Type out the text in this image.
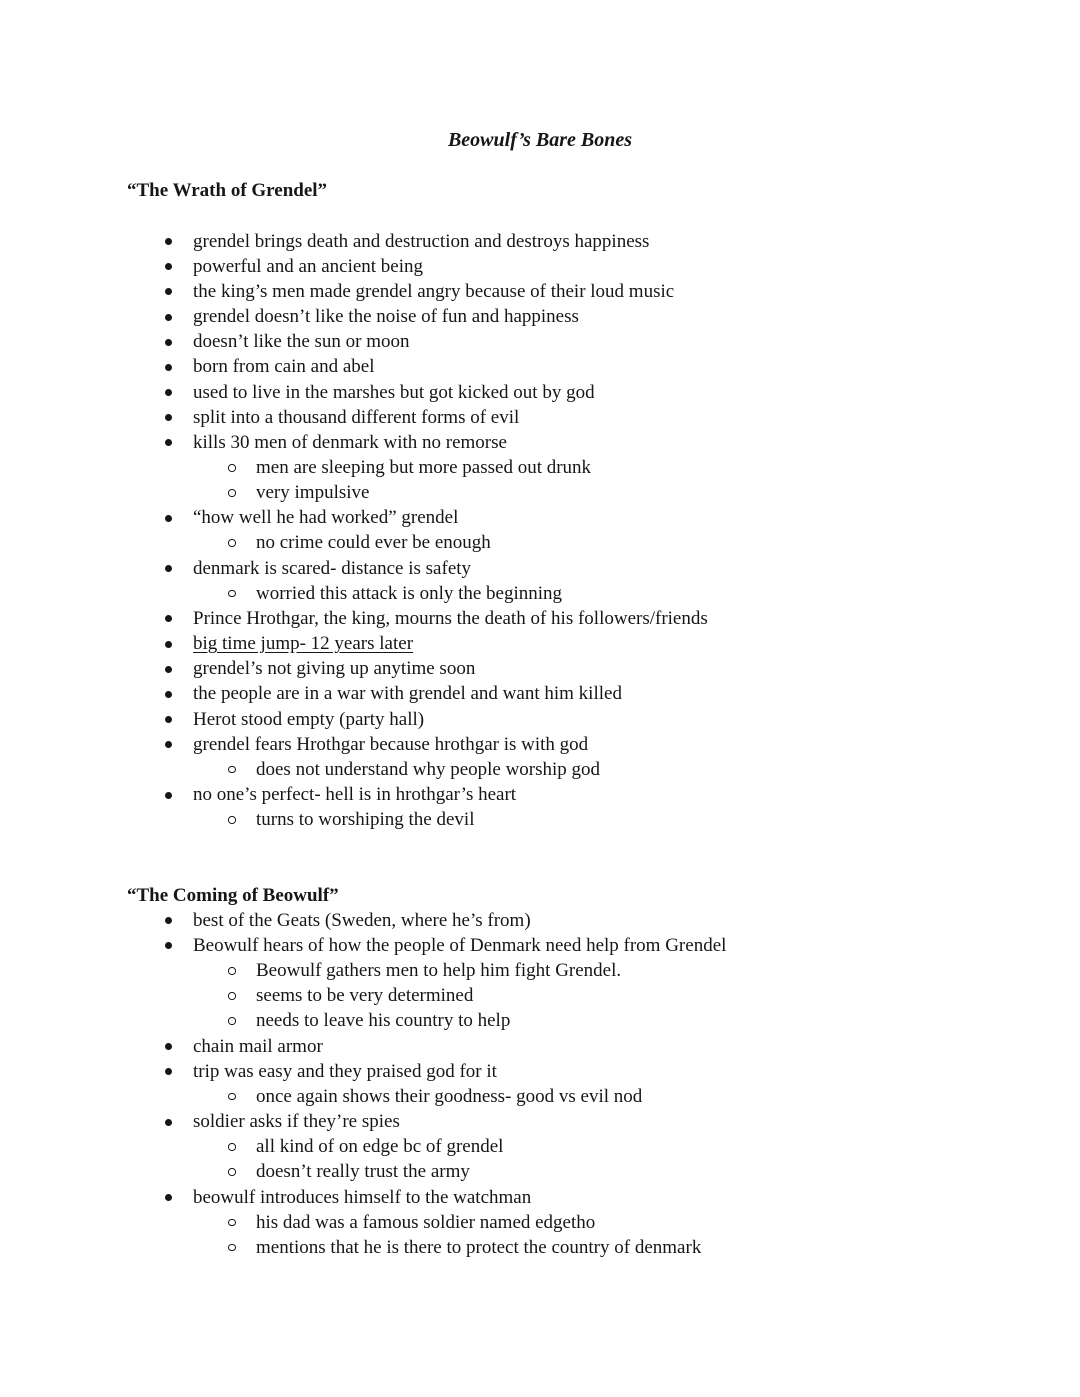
Beowulf’s Bare Bones
“The Wrath of Grendel”
grendel brings death and destruction and destroys happiness
powerful and an ancient being
the king’s men made grendel angry because of their loud music
grendel doesn’t like the noise of fun and happiness
doesn’t like the sun or moon
born from cain and abel
used to live in the marshes but got kicked out by god
split into a thousand different forms of evil
kills 30 men of denmark with no remorse
men are sleeping but more passed out drunk
very impulsive
“how well he had worked” grendel
no crime could ever be enough
denmark is scared- distance is safety
worried this attack is only the beginning
Prince Hrothgar, the king, mourns the death of his followers/friends
big time jump- 12 years later
grendel’s not giving up anytime soon
the people are in a war with grendel and want him killed
Herot stood empty (party hall)
grendel fears Hrothgar because hrothgar is with god
does not understand why people worship god
no one’s perfect- hell is in hrothgar’s heart
turns to worshiping the devil
“The Coming of Beowulf”
best of the Geats (Sweden, where he’s from)
Beowulf hears of how the people of Denmark need help from Grendel
Beowulf gathers men to help him fight Grendel.
seems to be very determined
needs to leave his country to help
chain mail armor
trip was easy and they praised god for it
once again shows their goodness- good vs evil nod
soldier asks if they’re spies
all kind of on edge bc of grendel
doesn’t really trust the army
beowulf introduces himself to the watchman
his dad was a famous soldier named edgetho
mentions that he is there to protect the country of denmark
